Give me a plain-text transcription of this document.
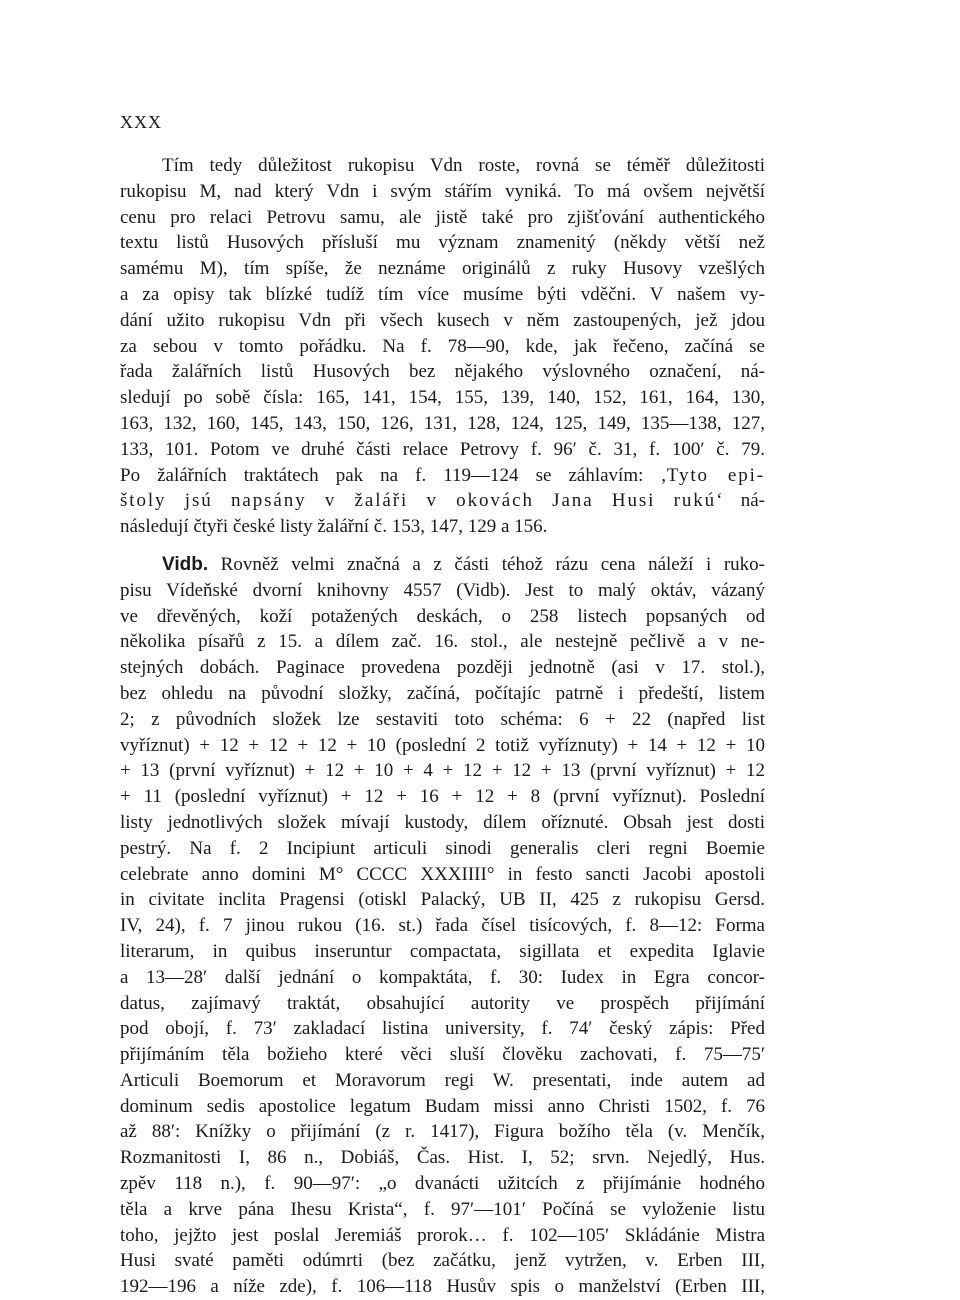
XXX
Tím tedy důležitost rukopisu Vdn roste, rovná se téměř důležitosti
rukopisu M, nad který Vdn i svým stářím vyniká. To má ovšem největší
cenu pro relaci Petrovu samu, ale jistě také pro zjišťování authentického
textu listů Husových přísluší mu význam znamenitý (někdy větší než
samému M), tím spíše, že neznáme originálů z ruky Husovy vzešlých
a za opisy tak blízké tudíž tím více musíme býti vděčni. V našem vy-
dání užito rukopisu Vdn při všech kusech v něm zastoupených, jež jdou
za sebou v tomto pořádku. Na f. 78—90, kde, jak řečeno, začíná se
řada žalářních listů Husových bez nějakého výslovného označení, ná-
sledují po sobě čísla: 165, 141, 154, 155, 139, 140, 152, 161, 164, 130,
163, 132, 160, 145, 143, 150, 126, 131, 128, 124, 125, 149, 135—138, 127,
133, 101. Potom ve druhé části relace Petrovy f. 96′ č. 31, f. 100′ č. 79.
Po žalářních traktátech pak na f. 119—124 se záhlavím: ‚Tyto epi-
štoly jsú napsány v žaláři v okovách Jana Husi rukú‘ ná-
následují čtyři české listy žalářní č. 153, 147, 129 a 156.
Vidb. Rovněž velmi značná a z části téhož rázu cena náleží i ruko-
pisu Vídeňské dvorní knihovny 4557 (Vidb). Jest to malý oktáv, vázaný
ve dřevěných, koží potažených deskách, o 258 listech popsaných od
několika písařů z 15. a dílem zač. 16. stol., ale nestejně pečlivě a v ne-
stejných dobách. Paginace provedena později jednotně (asi v 17. stol.),
bez ohledu na původní složky, začíná, počítajíc patrně i předeští, listem
2; z původních složek lze sestaviti toto schéma: 6 + 22 (napřed list
vyříznut) + 12 + 12 + 12 + 10 (poslední 2 totiž vyříznuty) + 14 + 12 + 10
+ 13 (první vyříznut) + 12 + 10 + 4 + 12 + 12 + 13 (první vyříznut) + 12
+ 11 (poslední vyříznut) + 12 + 16 + 12 + 8 (první vyříznut). Poslední
listy jednotlivých složek mívají kustody, dílem oříznuté. Obsah jest dosti
pestrý. Na f. 2 Incipiunt articuli sinodi generalis cleri regni Boemie
celebrate anno domini M° CCCC XXXIIII° in festo sancti Jacobi apostoli
in civitate inclita Pragensi (otiskl Palacký, UB II, 425 z rukopisu Gersd.
IV, 24), f. 7 jinou rukou (16. st.) řada čísel tisícových, f. 8—12: Forma
literarum, in quibus inseruntur compactata, sigillata et expedita Iglavie
a 13—28′ další jednání o kompaktáta, f. 30: Iudex in Egra concor-
datus, zajímavý traktát, obsahující autority ve prospěch přijímání
pod obojí, f. 73′ zakladací listina university, f. 74′ český zápis: Před
přijímáním těla božieho které věci sluší člověku zachovati, f. 75—75′
Articuli Boemorum et Moravorum regi W. presentati, inde autem ad
dominum sedis apostolice legatum Budam missi anno Christi 1502, f. 76
až 88′: Knížky o přijímání (z r. 1417), Figura božího těla (v. Menčík,
Rozmanitosti I, 86 n., Dobiáš, Čas. Hist. I, 52; srvn. Nejedlý, Hus.
zpěv 118 n.), f. 90—97′: „o dvanácti užitcích z přijímánie hodného
těla a krve pána Ihesu Krista“, f. 97′—101′ Počíná se vyloženie listu
toho, jejžto jest poslal Jeremiáš prorok… f. 102—105′ Skládánie Mistra
Husi svaté paměti odúmrti (bez začátku, jenž vytržen, v. Erben III,
192—196 a níže zde), f. 106—118 Husův spis o manželství (Erben III,
